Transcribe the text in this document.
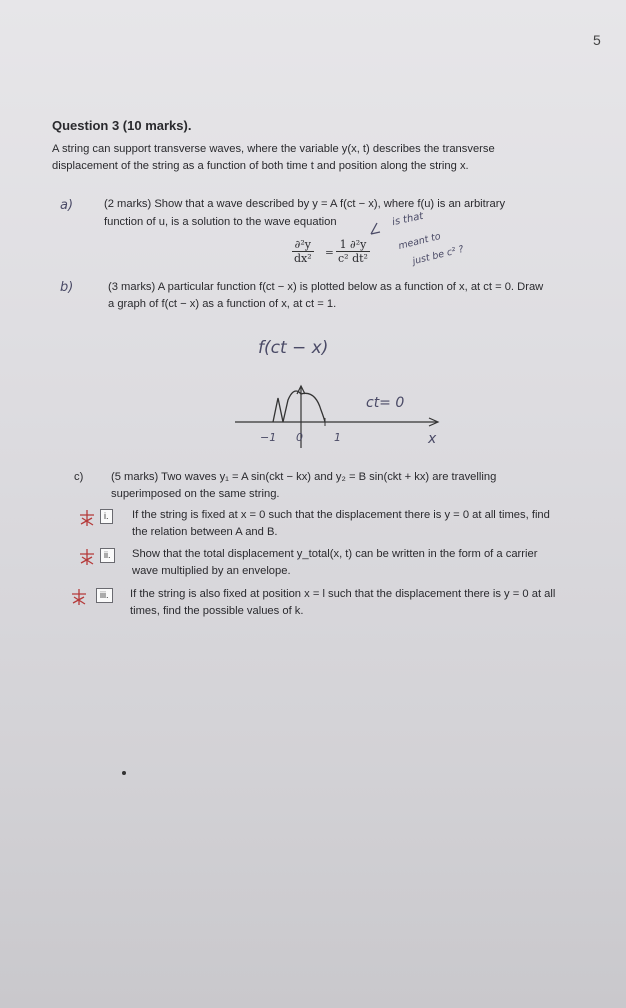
5
Question 3 (10 marks).
A string can support transverse waves, where the variable y(x, t) describes the transverse
displacement of the string as a function of both time t and position along the string x.
a)	(2 marks) Show that a wave described by y = A f(ct − x), where f(u) is an arbitrary
function of u, is a solution to the wave equation
$\frac{\text{∂²y}}{\text{dx²}} = \frac{\text{1 ∂²y}}{\text{c² dt²}}$
is that
meant to
just be c² ?
b)	(3 marks) A particular function f(ct − x) is plotted below as a function of x, at ct = 0. Draw
a graph of f(ct − x) as a function of x, at ct = 1.
f(ct − x)
ct= 0
x
−1 0	1
c) (5 marks) Two waves y₁ = A sin(ckt − kx) and y₂ = B sin(ckt + kx) are travelling
superimposed on the same string.
i.	If the string is fixed at x = 0 such that the displacement there is y = 0 at all times, find
the relation between A and B.
ii.	Show that the total displacement y_total(x, t) can be written in the form of a carrier
wave multiplied by an envelope.
iii.	If the string is also fixed at position x = l such that the displacement there is y = 0 at all
times, find the possible values of k.
